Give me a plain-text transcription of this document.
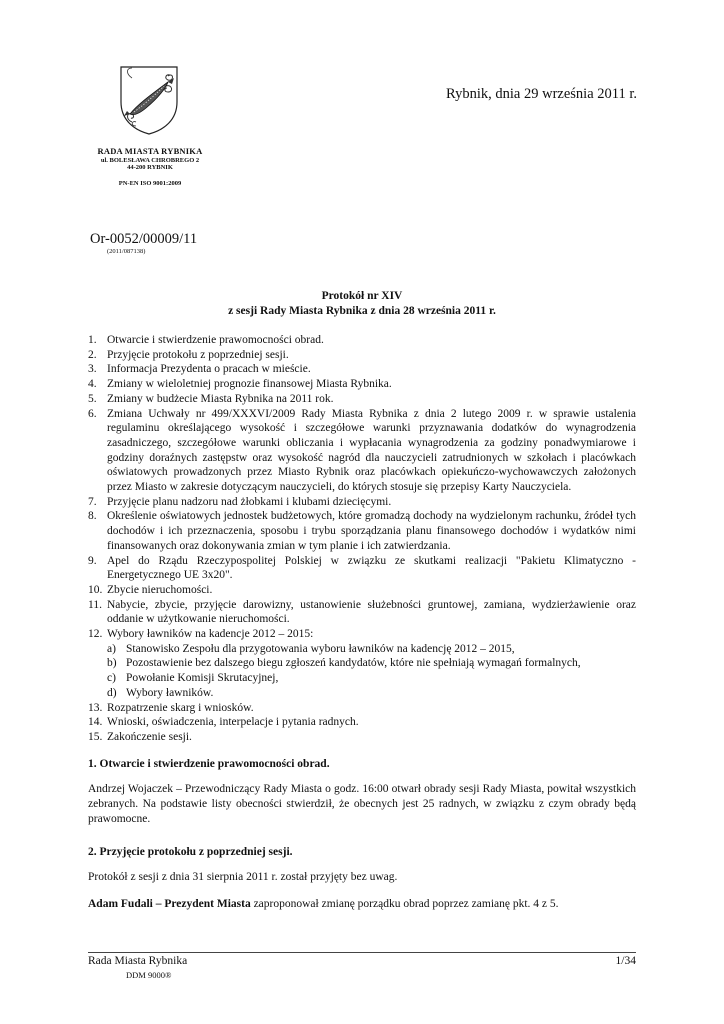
RADA MIASTA RYBNIKA
ul. BOLESŁAWA CHROBREGO 2
44-200 RYBNIK
PN-EN ISO 9001:2009
Rybnik, dnia 29 września 2011 r.
Or-0052/00009/11
(2011/087138)
Protokół nr XIV
z sesji Rady Miasta Rybnika z dnia 28 września 2011 r.
1. Otwarcie i stwierdzenie prawomocności obrad.
2. Przyjęcie protokołu z poprzedniej sesji.
3. Informacja Prezydenta o pracach w mieście.
4. Zmiany w wieloletniej prognozie finansowej Miasta Rybnika.
5. Zmiany w budżecie Miasta Rybnika na 2011 rok.
6. Zmiana Uchwały nr 499/XXXVI/2009 Rady Miasta Rybnika z dnia 2 lutego 2009 r. w sprawie ustalenia regulaminu określającego wysokość i szczegółowe warunki przyznawania dodatków do wynagrodzenia zasadniczego, szczegółowe warunki obliczania i wypłacania wynagrodzenia za godziny ponadwymiarowe i godziny doraźnych zastępstw oraz wysokość nagród dla nauczycieli zatrudnionych w szkołach i placówkach oświatowych prowadzonych przez Miasto Rybnik oraz placówkach opiekuńczo-wychowawczych założonych przez Miasto w zakresie dotyczącym nauczycieli, do których stosuje się przepisy Karty Nauczyciela.
7. Przyjęcie planu nadzoru nad żłobkami i klubami dziecięcymi.
8. Określenie oświatowych jednostek budżetowych, które gromadzą dochody na wydzielonym rachunku, źródeł tych dochodów i ich przeznaczenia, sposobu i trybu sporządzania planu finansowego dochodów i wydatków nimi finansowanych oraz dokonywania zmian w tym planie i ich zatwierdzania.
9. Apel do Rządu Rzeczypospolitej Polskiej w związku ze skutkami realizacji "Pakietu Klimatyczno - Energetycznego UE 3x20".
10. Zbycie nieruchomości.
11. Nabycie, zbycie, przyjęcie darowizny, ustanowienie służebności gruntowej, zamiana, wydzierżawienie oraz oddanie w użytkowanie nieruchomości.
12. Wybory ławników na kadencje 2012 – 2015:
a) Stanowisko Zespołu dla przygotowania wyboru ławników na kadencję 2012 – 2015,
b) Pozostawienie bez dalszego biegu zgłoszeń kandydatów, które nie spełniają wymagań formalnych,
c) Powołanie Komisji Skrutacyjnej,
d) Wybory ławników.
13. Rozpatrzenie skarg i wniosków.
14. Wnioski, oświadczenia, interpelacje i pytania radnych.
15. Zakończenie sesji.
1. Otwarcie i stwierdzenie prawomocności obrad.
Andrzej Wojaczek – Przewodniczący Rady Miasta o godz. 16:00 otwarł obrady sesji Rady Miasta, powitał wszystkich zebranych. Na podstawie listy obecności stwierdził, że obecnych jest 25 radnych, w związku z czym obrady będą prawomocne.
2. Przyjęcie protokołu z poprzedniej sesji.
Protokół z sesji z dnia 31 sierpnia 2011 r. został przyjęty bez uwag.
Adam Fudali – Prezydent Miasta zaproponował zmianę porządku obrad poprzez zamianę pkt. 4 z 5.
Rada Miasta Rybnika	1/34
DDM 9000®
